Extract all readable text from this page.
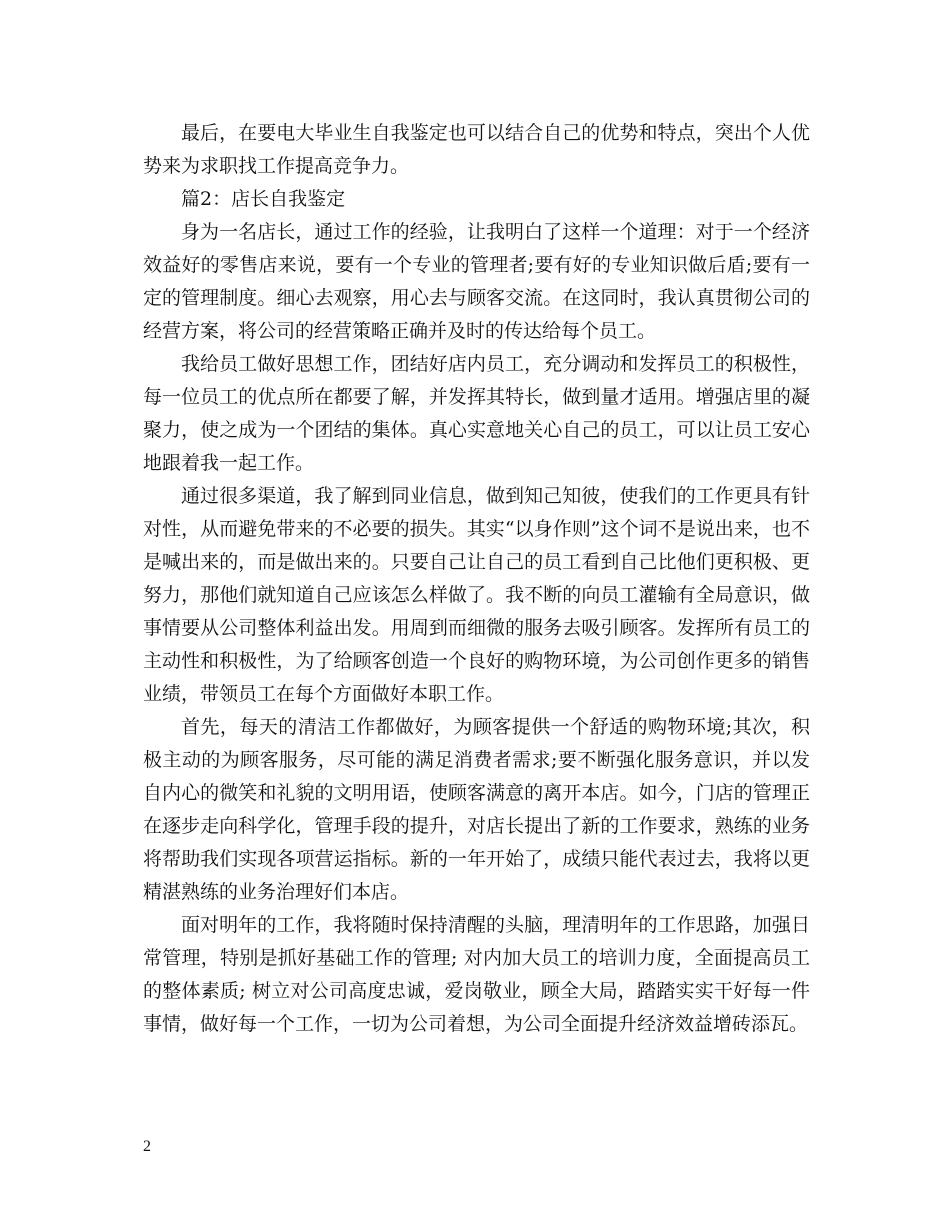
最后，在要电大毕业生自我鉴定也可以结合自己的优势和特点，突出个人优势来为求职找工作提高竞争力。

篇2：店长自我鉴定

身为一名店长，通过工作的经验，让我明白了这样一个道理：对于一个经济效益好的零售店来说，要有一个专业的管理者;要有好的专业知识做后盾;要有一定的管理制度。细心去观察，用心去与顾客交流。在这同时，我认真贯彻公司的经营方案，将公司的经营策略正确并及时的传达给每个员工。

我给员工做好思想工作，团结好店内员工，充分调动和发挥员工的积极性，每一位员工的优点所在都要了解，并发挥其特长，做到量才适用。增强店里的凝聚力，使之成为一个团结的集体。真心实意地关心自己的员工，可以让员工安心地跟着我一起工作。

通过很多渠道，我了解到同业信息，做到知己知彼，使我们的工作更具有针对性，从而避免带来的不必要的损失。其实“以身作则”这个词不是说出来，也不是喊出来的，而是做出来的。只要自己让自己的员工看到自己比他们更积极、更努力，那他们就知道自己应该怎么样做了。我不断的向员工灌输有全局意识，做事情要从公司整体利益出发。用周到而细微的服务去吸引顾客。发挥所有员工的主动性和积极性，为了给顾客创造一个良好的购物环境，为公司创作更多的销售业绩，带领员工在每个方面做好本职工作。

首先，每天的清洁工作都做好，为顾客提供一个舒适的购物环境;其次，积极主动的为顾客服务，尽可能的满足消费者需求;要不断强化服务意识，并以发自内心的微笑和礼貌的文明用语，使顾客满意的离开本店。如今，门店的管理正在逐步走向科学化，管理手段的提升，对店长提出了新的工作要求，熟练的业务将帮助我们实现各项营运指标。新的一年开始了，成绩只能代表过去，我将以更精湛熟练的业务治理好们本店。

面对明年的工作，我将随时保持清醒的头脑，理清明年的工作思路，加强日常管理，特别是抓好基础工作的管理; 对内加大员工的培训力度，全面提高员工的整体素质; 树立对公司高度忠诚，爱岗敬业，顾全大局，踏踏实实干好每一件事情，做好每一个工作，一切为公司着想，为公司全面提升经济效益增砖添瓦。

2
